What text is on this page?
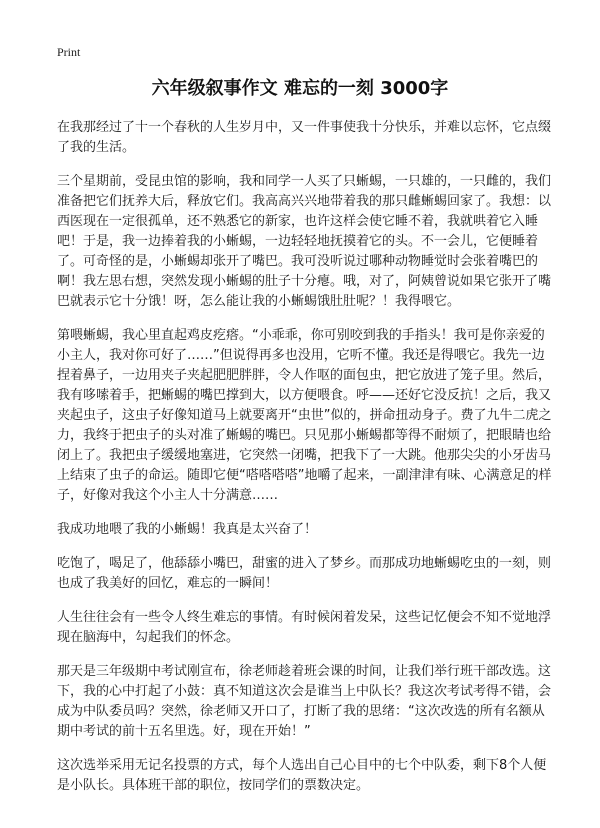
Print
六年级叙事作文 难忘的一刻 3000字

在我那经过了十一个春秋的人生岁月中，又一件事使我十分快乐，并难以忘怀，它点缀了我的生活。

三个星期前，受昆虫馆的影响，我和同学一人买了只蜥蜴，一只雄的，一只雌的，我们准备把它们抚养大后，释放它们。我高高兴兴地带着我的那只雌蜥蜴回家了。我想：以西医现在一定很孤单，还不熟悉它的新家，也许这样会使它睡不着，我就哄着它入睡吧！于是，我一边捧着我的小蜥蜴，一边轻轻地抚摸着它的头。不一会儿，它便睡着了。可奇怪的是，小蜥蜴却张开了嘴巴。我可没听说过哪种动物睡觉时会张着嘴巴的啊！我左思右想，突然发现小蜥蜴的肚子十分瘪。哦，对了，阿姨曾说如果它张开了嘴巴就表示它十分饿！呀，怎么能让我的小蜥蜴饿肚肚呢？！我得喂它。

第喂蜥蜴，我心里直起鸡皮疙瘩。“小乖乖，你可别咬到我的手指头！我可是你亲爱的小主人，我对你可好了……”但说得再多也没用，它听不懂。我还是得喂它。我先一边捏着鼻子，一边用夹子夹起肥肥胖胖，令人作呕的面包虫，把它放进了笼子里。然后，我有哆嗦着手，把蜥蜴的嘴巴撑到大，以方便喂食。呼——还好它没反抗！之后，我又夹起虫子，这虫子好像知道马上就要离开“虫世”似的，拼命扭动身子。费了九牛二虎之力，我终于把虫子的头对准了蜥蜴的嘴巴。只见那小蜥蜴都等得不耐烦了，把眼睛也给闭上了。我把虫子缓缓地塞进，它突然一闭嘴，把我下了一大跳。他那尖尖的小牙齿马上结束了虫子的命运。随即它便“嗒嗒嗒嗒”地嚼了起来，一副津津有味、心满意足的样子，好像对我这个小主人十分满意……

我成功地喂了我的小蜥蜴！我真是太兴奋了！

吃饱了，喝足了，他舔舔小嘴巴，甜蜜的进入了梦乡。而那成功地蜥蜴吃虫的一刻，则也成了我美好的回忆，难忘的一瞬间！

人生往往会有一些令人终生难忘的事情。有时候闲着发呆，这些记忆便会不知不觉地浮现在脑海中，勾起我们的怀念。

那天是三年级期中考试刚宣布，徐老师趁着班会课的时间，让我们举行班干部改选。这下，我的心中打起了小鼓：真不知道这次会是谁当上中队长？我这次考试考得不错，会成为中队委员吗？突然，徐老师又开口了，打断了我的思绪：“这次改选的所有名额从期中考试的前十五名里选。好，现在开始！”

这次选举采用无记名投票的方式，每个人选出自己心目中的七个中队委，剩下8个人便是小队长。具体班干部的职位，按同学们的票数决定。
